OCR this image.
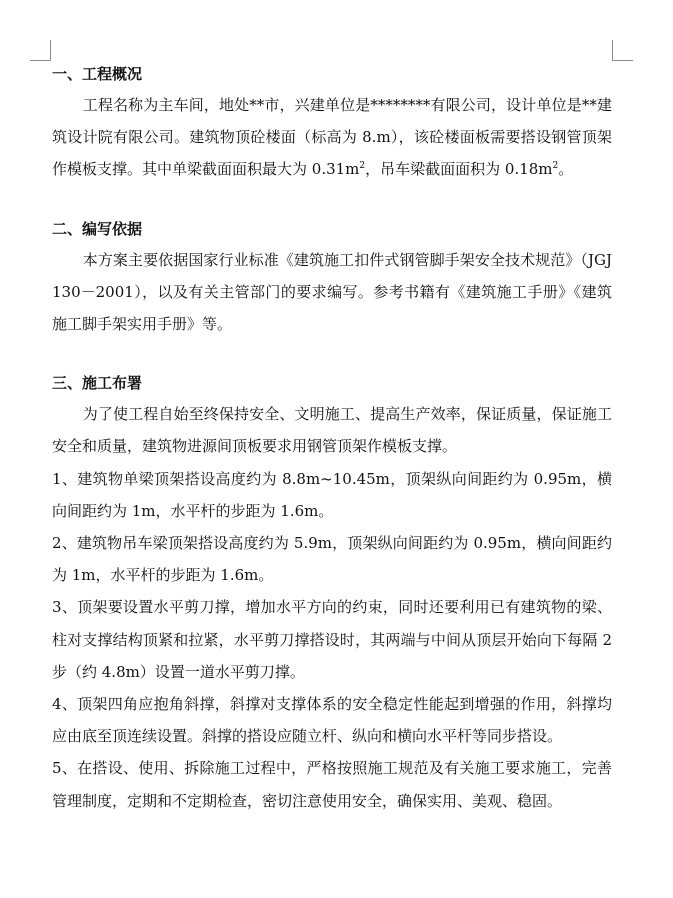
一、工程概况

工程名称为主车间，地处**市，兴建单位是********有限公司，设计单位是**建筑设计院有限公司。建筑物顶砼楼面（标高为 8.m），该砼楼面板需要搭设钢管顶架作模板支撑。其中单梁截面面积最大为 $0.31m^2$，吊车梁截面面积为 $0.18m^2$。

二、编写依据

本方案主要依据国家行业标准《建筑施工扣件式钢管脚手架安全技术规范》（JGJ 130－2001），以及有关主管部门的要求编写。参考书籍有《建筑施工手册》《建筑施工脚手架实用手册》等。

三、施工布署

为了使工程自始至终保持安全、文明施工、提高生产效率，保证质量，保证施工安全和质量，建筑物进源间顶板要求用钢管顶架作模板支撑。

1、建筑物单梁顶架搭设高度约为 8.8m~10.45m，顶架纵向间距约为 0.95m，横向间距约为 1m，水平杆的步距为 1.6m。

2、建筑物吊车梁顶架搭设高度约为 5.9m，顶架纵向间距约为 0.95m，横向间距约为 1m，水平杆的步距为 1.6m。

3、顶架要设置水平剪刀撑，增加水平方向的约束，同时还要利用已有建筑物的梁、柱对支撑结构顶紧和拉紧，水平剪刀撑搭设时，其两端与中间从顶层开始向下每隔 2 步（约 4.8m）设置一道水平剪刀撑。

4、顶架四角应抱角斜撑，斜撑对支撑体系的安全稳定性能起到增强的作用，斜撑均应由底至顶连续设置。斜撑的搭设应随立杆、纵向和横向水平杆等同步搭设。

5、在搭设、使用、拆除施工过程中，严格按照施工规范及有关施工要求施工，完善管理制度，定期和不定期检查，密切注意使用安全，确保实用、美观、稳固。
